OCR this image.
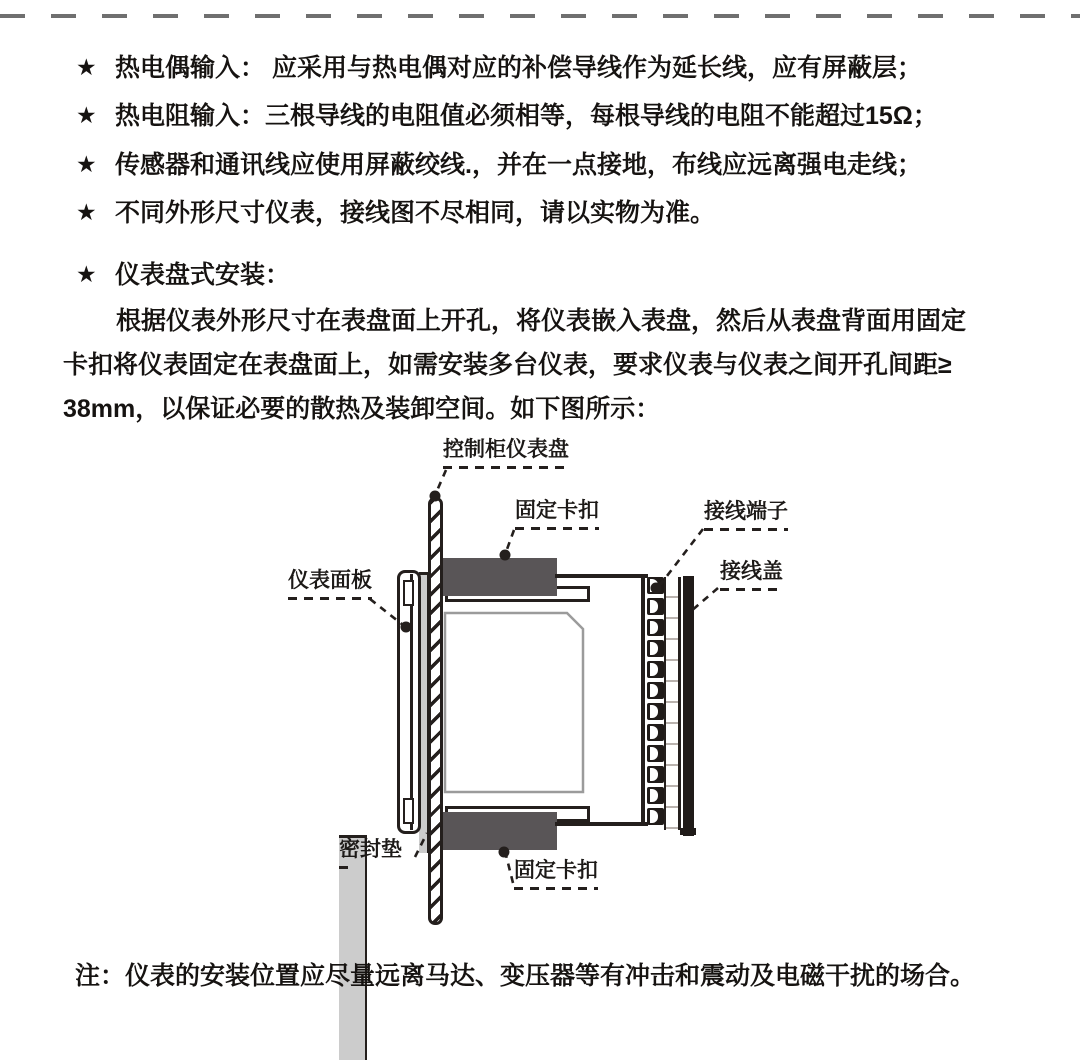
★ 热电偶输入： 应采用与热电偶对应的补偿导线作为延长线，应有屏蔽层；
★ 热电阻输入：三根导线的电阻值必须相等，每根导线的电阻不能超过15Ω；
★ 传感器和通讯线应使用屏蔽绞线.，并在一点接地，布线应远离强电走线；
★ 不同外形尺寸仪表，接线图不尽相同，请以实物为准。
★ 仪表盘式安装：
根据仪表外形尺寸在表盘面上开孔，将仪表嵌入表盘，然后从表盘背面用固定
卡扣将仪表固定在表盘面上，如需安装多台仪表，要求仪表与仪表之间开孔间距≥
38mm，以保证必要的散热及装卸空间。如下图所示：
控制柜仪表盘
固定卡扣	接线端子
接线盖
仪表面板
密封垫
固定卡扣
注：仪表的安装位置应尽量远离马达、变压器等有冲击和震动及电磁干扰的场合。
